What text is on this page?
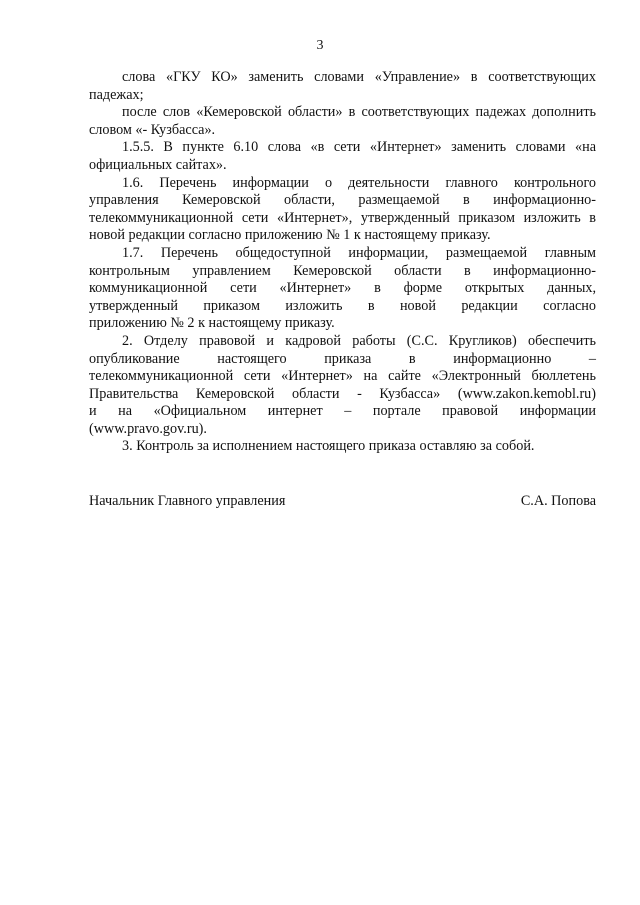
3
слова «ГКУ КО» заменить словами «Управление» в соответствующих
падежах;
после слов «Кемеровской области» в соответствующих падежах дополнить
словом «- Кузбасса».
1.5.5. В пункте 6.10 слова «в сети «Интернет» заменить словами «на
официальных сайтах».
1.6. Перечень информации о деятельности главного контрольного
управления Кемеровской области, размещаемой в информационно-
телекоммуникационной сети «Интернет», утвержденный приказом изложить в
новой редакции согласно приложению № 1 к настоящему приказу.
1.7. Перечень общедоступной информации, размещаемой главным
контрольным управлением Кемеровской области в информационно-
коммуникационной сети «Интернет» в форме открытых данных,
утвержденный приказом изложить в новой редакции согласно
приложению № 2 к настоящему приказу.
2. Отделу правовой и кадровой работы (С.С. Кругликов) обеспечить
опубликование настоящего приказа в информационно –
телекоммуникационной сети «Интернет» на сайте «Электронный бюллетень
Правительства Кемеровской области - Кузбасса» (www.zakon.kemobl.ru)
и на «Официальном интернет – портале правовой информации
(www.pravo.gov.ru).
3. Контроль за исполнением настоящего приказа оставляю за собой.
Начальник Главного управления	С.А. Попова
